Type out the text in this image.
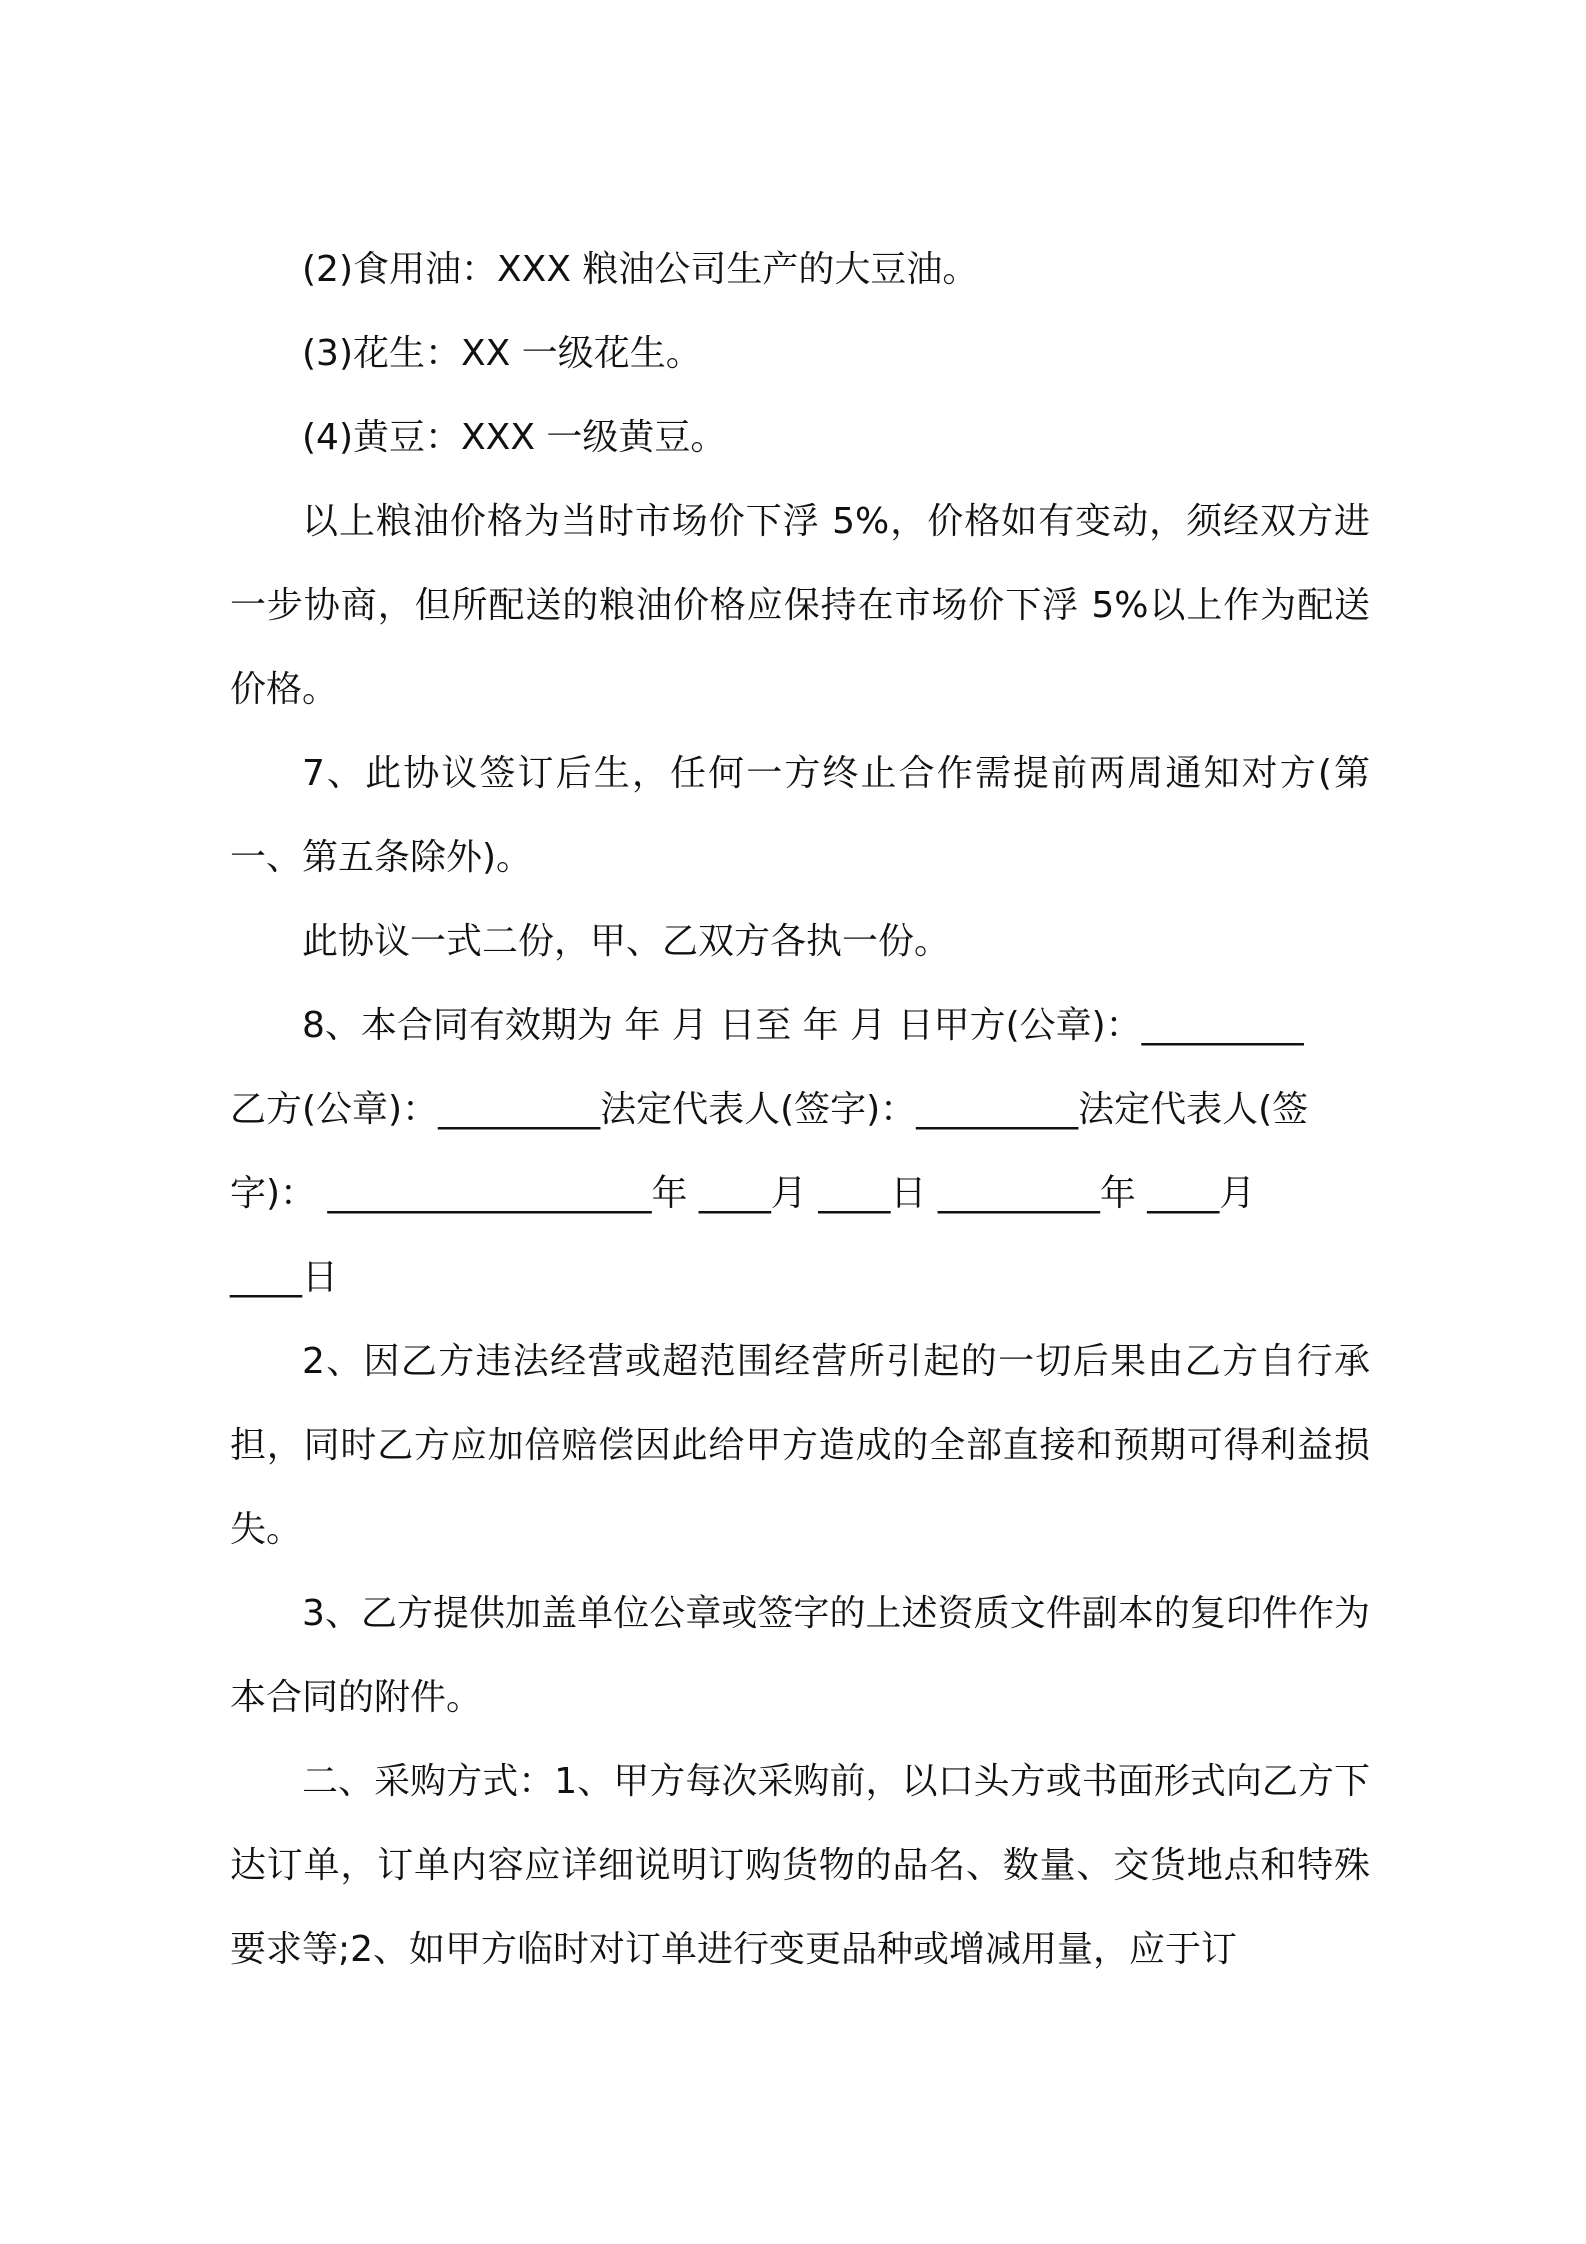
(2)食用油：XXX 粮油公司生产的大豆油。

(3)花生：XX 一级花生。

(4)黄豆：XXX 一级黄豆。

以上粮油价格为当时市场价下浮 5%，价格如有变动，须经双方进一步协商，但所配送的粮油价格应保持在市场价下浮 5%以上作为配送价格。

7、此协议签订后生，任何一方终止合作需提前两周通知对方(第一、第五条除外)。

此协议一式二份，甲、乙双方各执一份。

8、本合同有效期为 年 月 日至 年 月 日甲方(公章)：_________

乙方(公章)：_________法定代表人(签字)：_________法定代表人(签

字)： __________________年 ____月 ____日 _________年 ____月

____日

2、因乙方违法经营或超范围经营所引起的一切后果由乙方自行承担，同时乙方应加倍赔偿因此给甲方造成的全部直接和预期可得利益损失。

3、乙方提供加盖单位公章或签字的上述资质文件副本的复印件作为本合同的附件。

二、采购方式：1、甲方每次采购前，以口头方或书面形式向乙方下达订单，订单内容应详细说明订购货物的品名、数量、交货地点和特殊要求等;2、如甲方临时对订单进行变更品种或增减用量，应于订
